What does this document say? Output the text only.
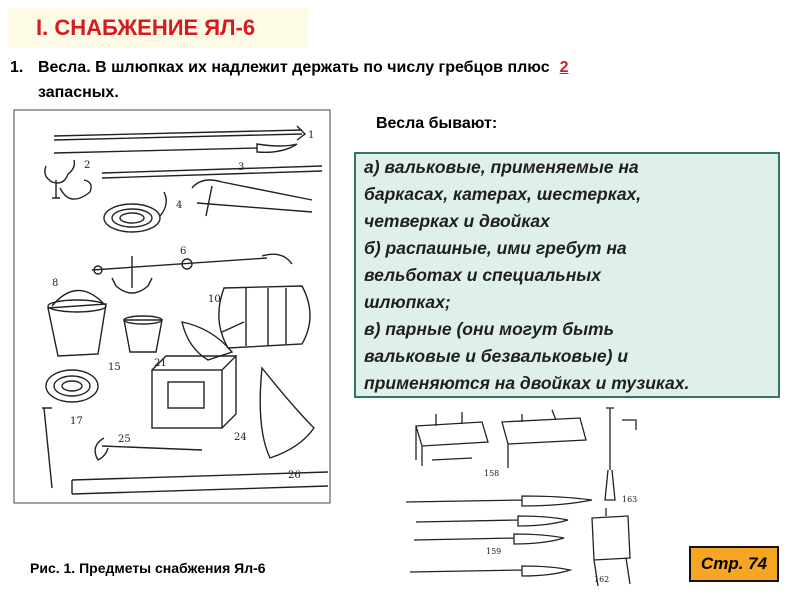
I. СНАБЖЕНИЕ ЯЛ-6
1. Весла. В шлюпках их надлежит держать по числу гребцов плюс 2
запасных.
Весла бывают:

а) вальковые, применяемые на

баркасах, катерах, шестерках,

четверках и двойках

б) распашные, ими гребут на

вельботах и специальных

шлюпках;

в) парные (они могут быть

вальковые и безвальковые) и

применяются на двойках и тузиках.

1
2	3
4
6
8
10
15
17
21
24
25
26	158
159
162
163
Рис. 1. Предметы снабжения Ял-6	Стр. 74
